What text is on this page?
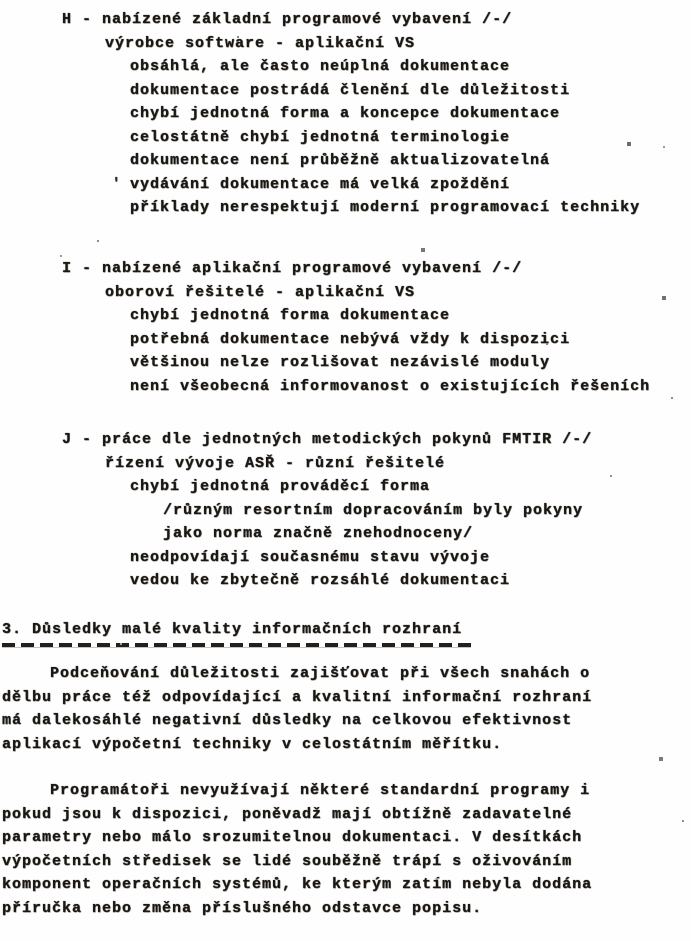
H - nabízené základní programové vybavení /-/
výrobce software - aplikační VS
obsáhlá, ale často neúplná dokumentace
dokumentace postrádá členění dle důležitosti
chybí jednotná forma a koncepce dokumentace
celostátně chybí jednotná terminologie
dokumentace není průběžně aktualizovatelná
' vydávání dokumentace má velká zpoždění
příklady nerespektují moderní programovací techniky
I - nabízené aplikační programové vybavení /-/
oboroví řešitelé - aplikační VS
chybí jednotná forma dokumentace
potřebná dokumentace nebývá vždy k dispozici
většinou nelze rozlišovat nezávislé moduly
není všeobecná informovanost o existujících řešeních
J - práce dle jednotných metodických pokynů FMTIR /-/
řízení vývoje ASŘ - různí řešitelé
chybí jednotná prováděcí forma
/různým resortním dopracováním byly pokyny
jako norma značně znehodnoceny/
neodpovídají současnému stavu vývoje
vedou ke zbytečně rozsáhlé dokumentaci
3. Důsledky malé kvality informačních rozhraní
Podceňování důležitosti zajišťovat při všech snahách o
dělbu práce též odpovídající a kvalitní informační rozhraní
má dalekosáhlé negativní důsledky na celkovou efektivnost
aplikací výpočetní techniky v celostátním měřítku.
Programátoři nevyužívají některé standardní programy i
pokud jsou k dispozici, poněvadž mají obtížně zadavatelné
parametry nebo málo srozumitelnou dokumentaci. V desítkách
výpočetních středisek se lidé souběžně trápí s oživováním
komponent operačních systémů, ke kterým zatím nebyla dodána
příručka nebo změna příslušného odstavce popisu.
